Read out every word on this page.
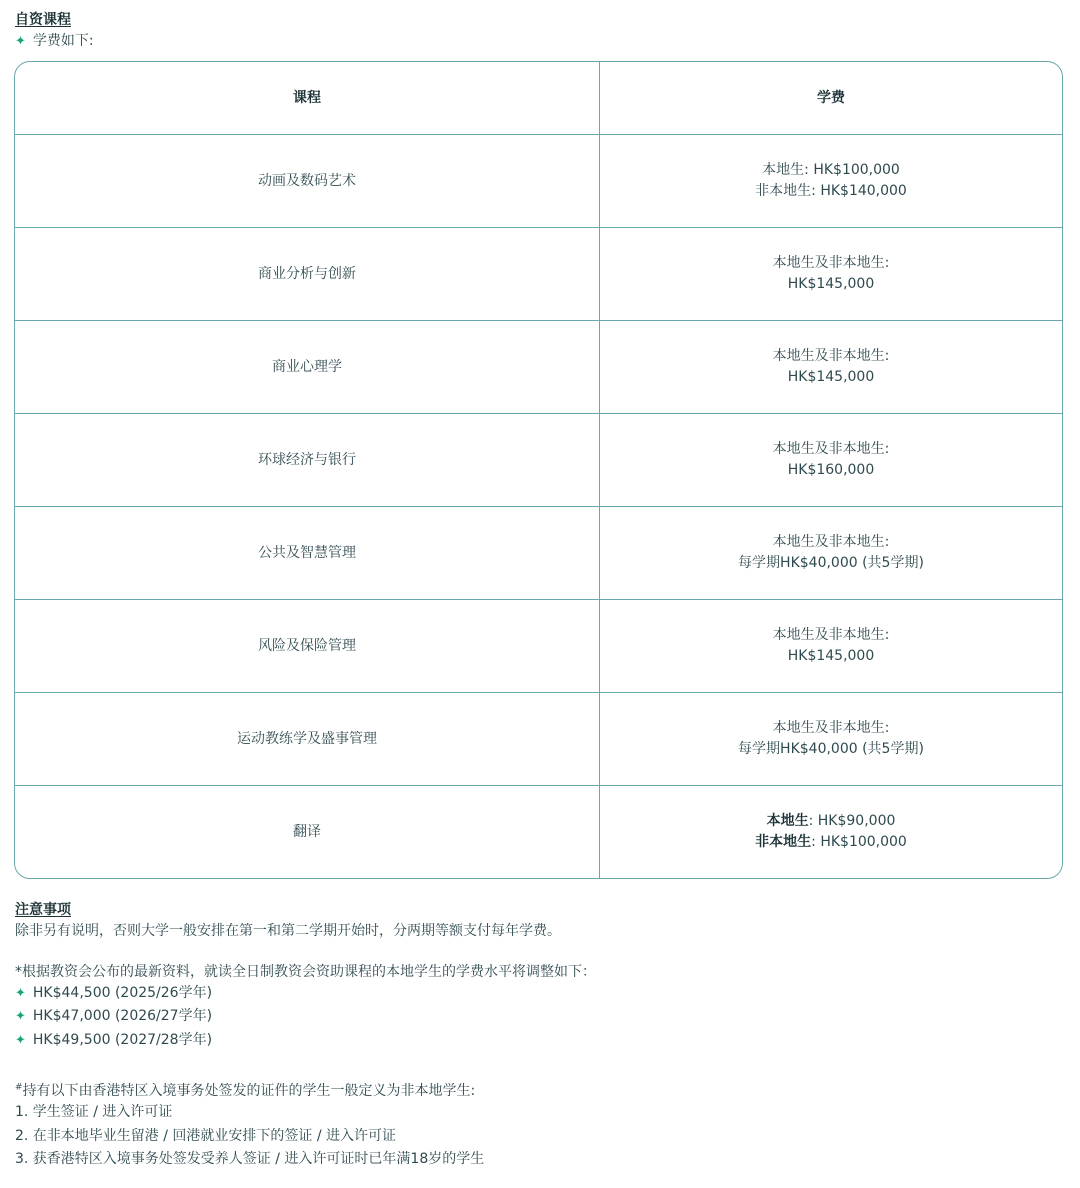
自资课程
✦ 学费如下:
课程	学费
动画及数码艺术	本地生: HK$100,000
非本地生: HK$140,000

商业分析与创新	本地生及非本地生:
HK$145,000

商业心理学	本地生及非本地生:
HK$145,000

环球经济与银行	本地生及非本地生:
HK$160,000

公共及智慧管理	本地生及非本地生:
每学期HK$40,000 (共5学期)

风险及保险管理	本地生及非本地生:
HK$145,000

运动教练学及盛事管理	本地生及非本地生:
每学期HK$40,000 (共5学期)

翻译	本地生: HK$90,000
非本地生: HK$100,000
注意事项
除非另有说明，否则大学一般安排在第一和第二学期开始时，分两期等额支付每年学费。
*根据教资会公布的最新资料，就读全日制教资会资助课程的本地学生的学费水平将调整如下：
✦ HK$44,500 (2025/26学年)
✦ HK$47,000 (2026/27学年)
✦ HK$49,500 (2027/28学年)
#持有以下由香港特区入境事务处签发的证件的学生一般定义为非本地学生:
1. 学生签证 / 进入许可证
2. 在非本地毕业生留港 / 回港就业安排下的签证 / 进入许可证
3. 获香港特区入境事务处签发受养人签证 / 进入许可证时已年满18岁的学生
